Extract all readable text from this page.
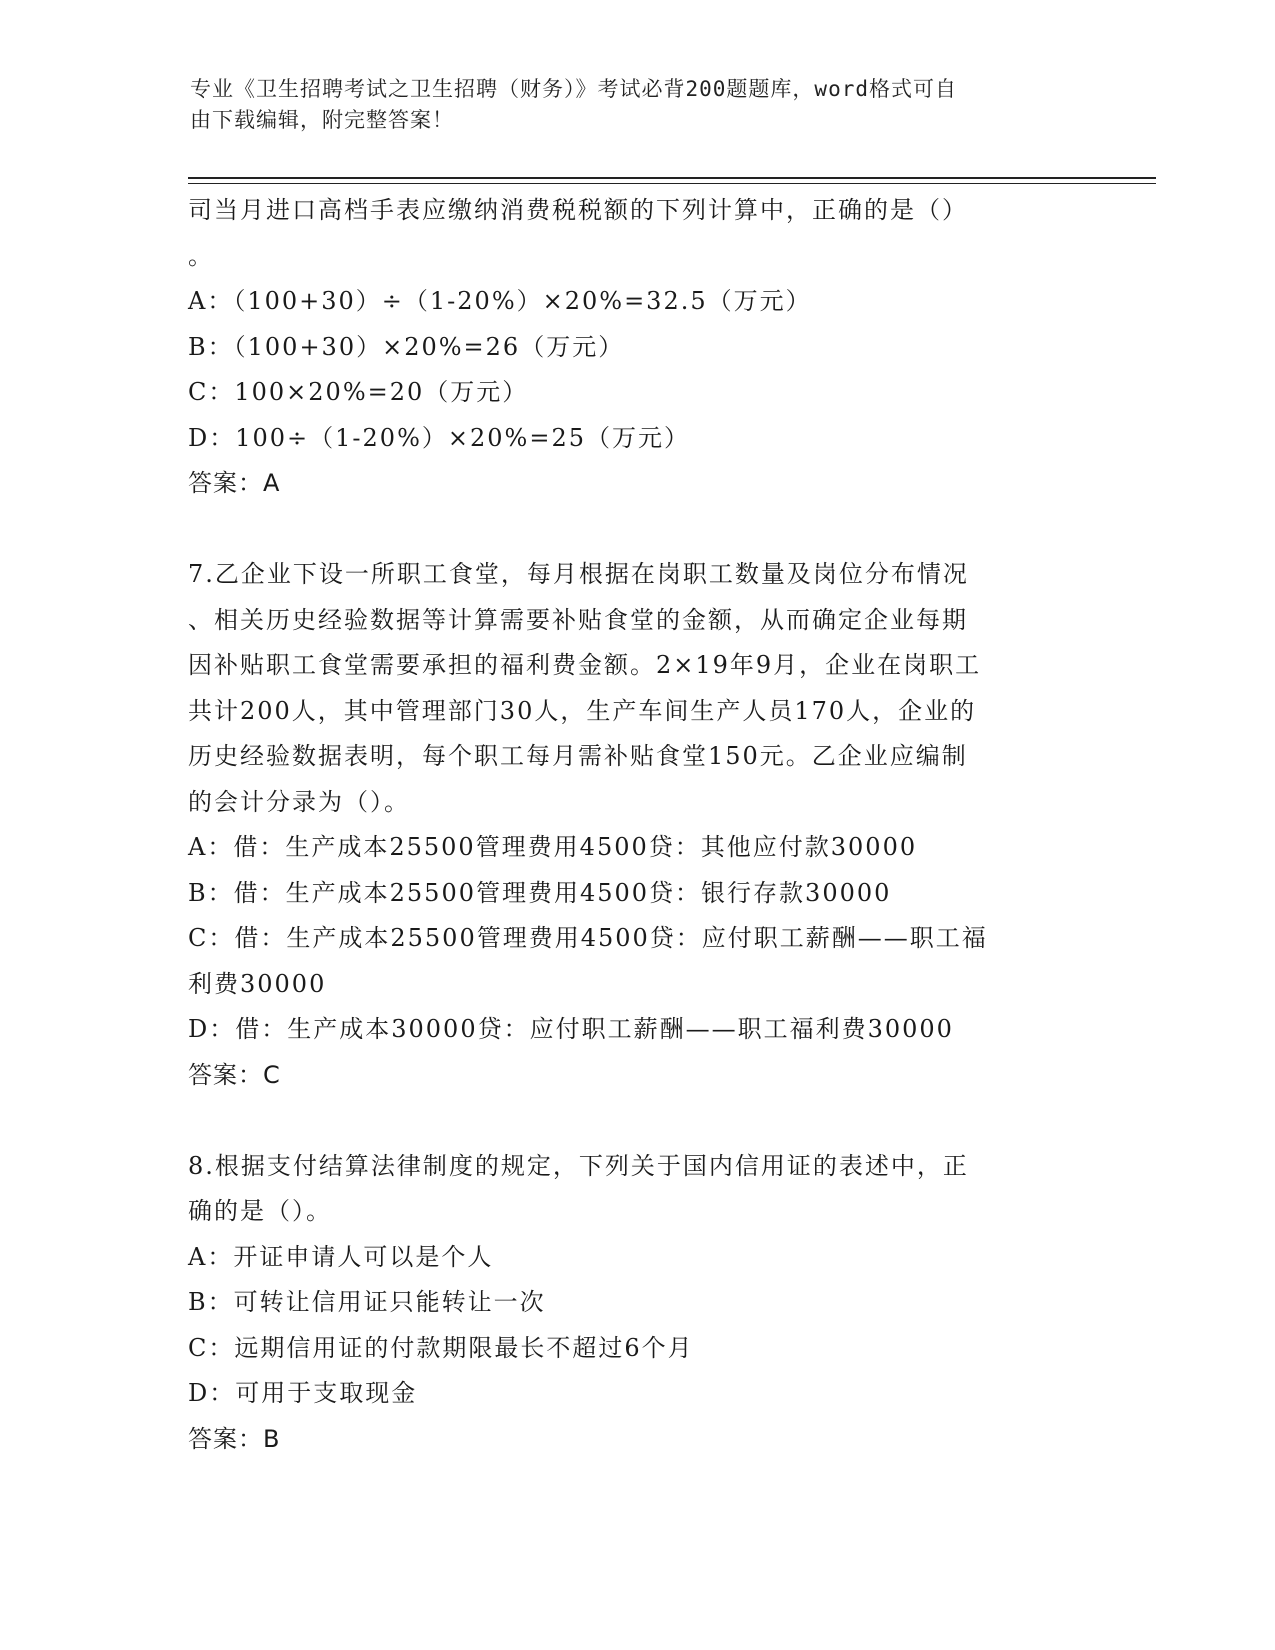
专业《卫生招聘考试之卫生招聘（财务）》考试必背200题题库，word格式可自
由下载编辑，附完整答案！
司当月进口高档手表应缴纳消费税税额的下列计算中，正确的是（）
。
A：（100+30）÷（1-20%）×20%=32.5（万元）
B：（100+30）×20%=26（万元）
C：100×20%=20（万元）
D：100÷（1-20%）×20%=25（万元）
答案：A
7.乙企业下设一所职工食堂，每月根据在岗职工数量及岗位分布情况
、相关历史经验数据等计算需要补贴食堂的金额，从而确定企业每期
因补贴职工食堂需要承担的福利费金额。2×19年9月，企业在岗职工
共计200人，其中管理部门30人，生产车间生产人员170人，企业的
历史经验数据表明，每个职工每月需补贴食堂150元。乙企业应编制
的会计分录为（）。
A：借：生产成本25500管理费用4500贷：其他应付款30000
B：借：生产成本25500管理费用4500贷：银行存款30000
C：借：生产成本25500管理费用4500贷：应付职工薪酬——职工福
利费30000
D：借：生产成本30000贷：应付职工薪酬——职工福利费30000
答案：C
8.根据支付结算法律制度的规定，下列关于国内信用证的表述中，正
确的是（）。
A：开证申请人可以是个人
B：可转让信用证只能转让一次
C：远期信用证的付款期限最长不超过6个月
D：可用于支取现金
答案：B
